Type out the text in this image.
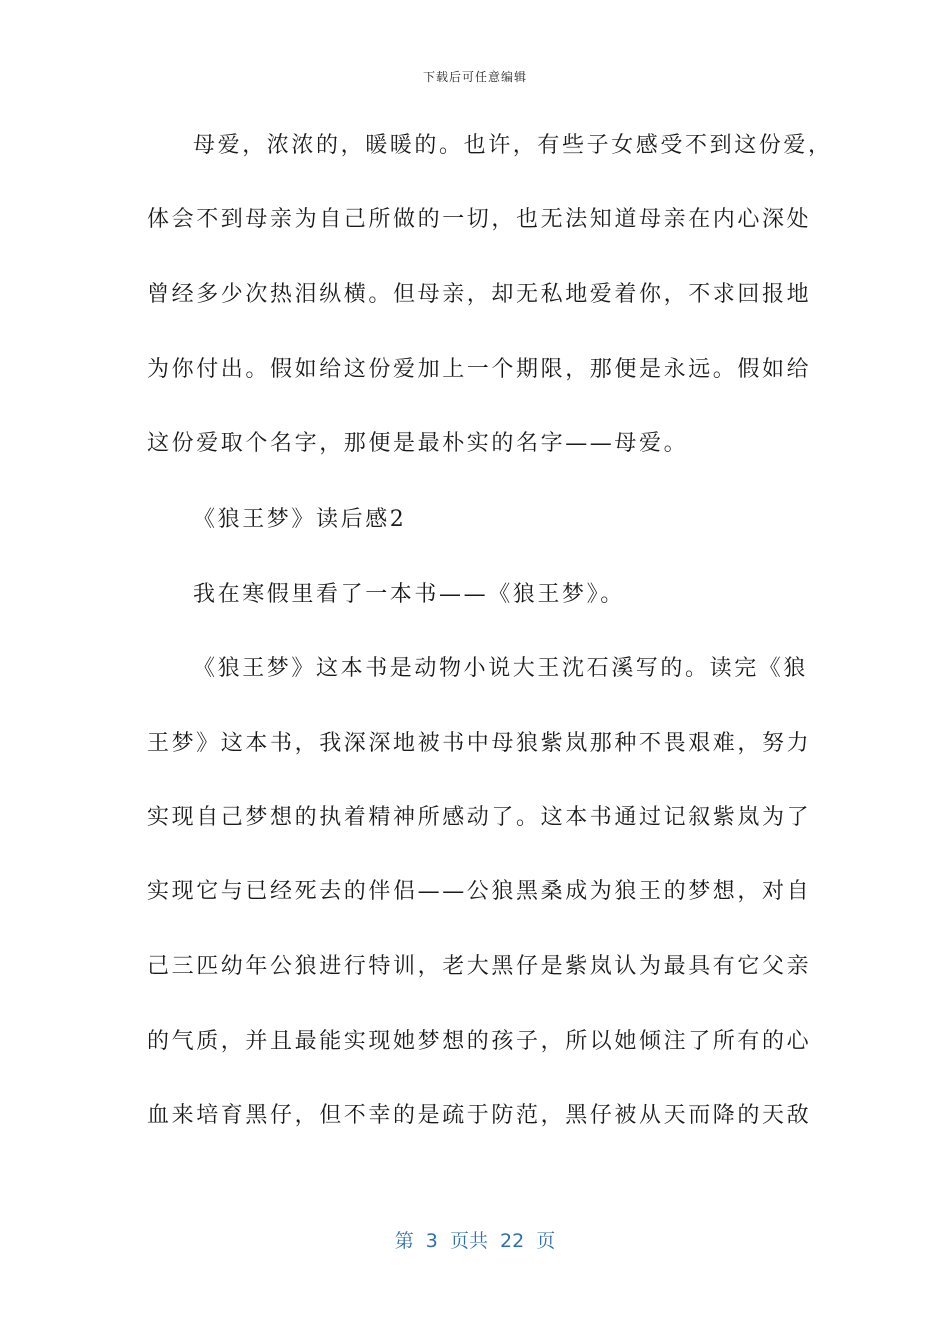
下载后可任意编辑
母爱，浓浓的，暖暖的。也许，有些子女感受不到这份爱，
体会不到母亲为自己所做的一切，也无法知道母亲在内心深处
曾经多少次热泪纵横。但母亲，却无私地爱着你，不求回报地
为你付出。假如给这份爱加上一个期限，那便是永远。假如给
这份爱取个名字，那便是最朴实的名字——母爱。
《狼王梦》读后感2
我在寒假里看了一本书——《狼王梦》。
《狼王梦》这本书是动物小说大王沈石溪写的。读完《狼
王梦》这本书，我深深地被书中母狼紫岚那种不畏艰难，努力
实现自己梦想的执着精神所感动了。这本书通过记叙紫岚为了
实现它与已经死去的伴侣——公狼黑桑成为狼王的梦想，对自
己三匹幼年公狼进行特训，老大黑仔是紫岚认为最具有它父亲
的气质，并且最能实现她梦想的孩子，所以她倾注了所有的心
血来培育黑仔，但不幸的是疏于防范，黑仔被从天而降的天敌
第  3  页共  22  页
